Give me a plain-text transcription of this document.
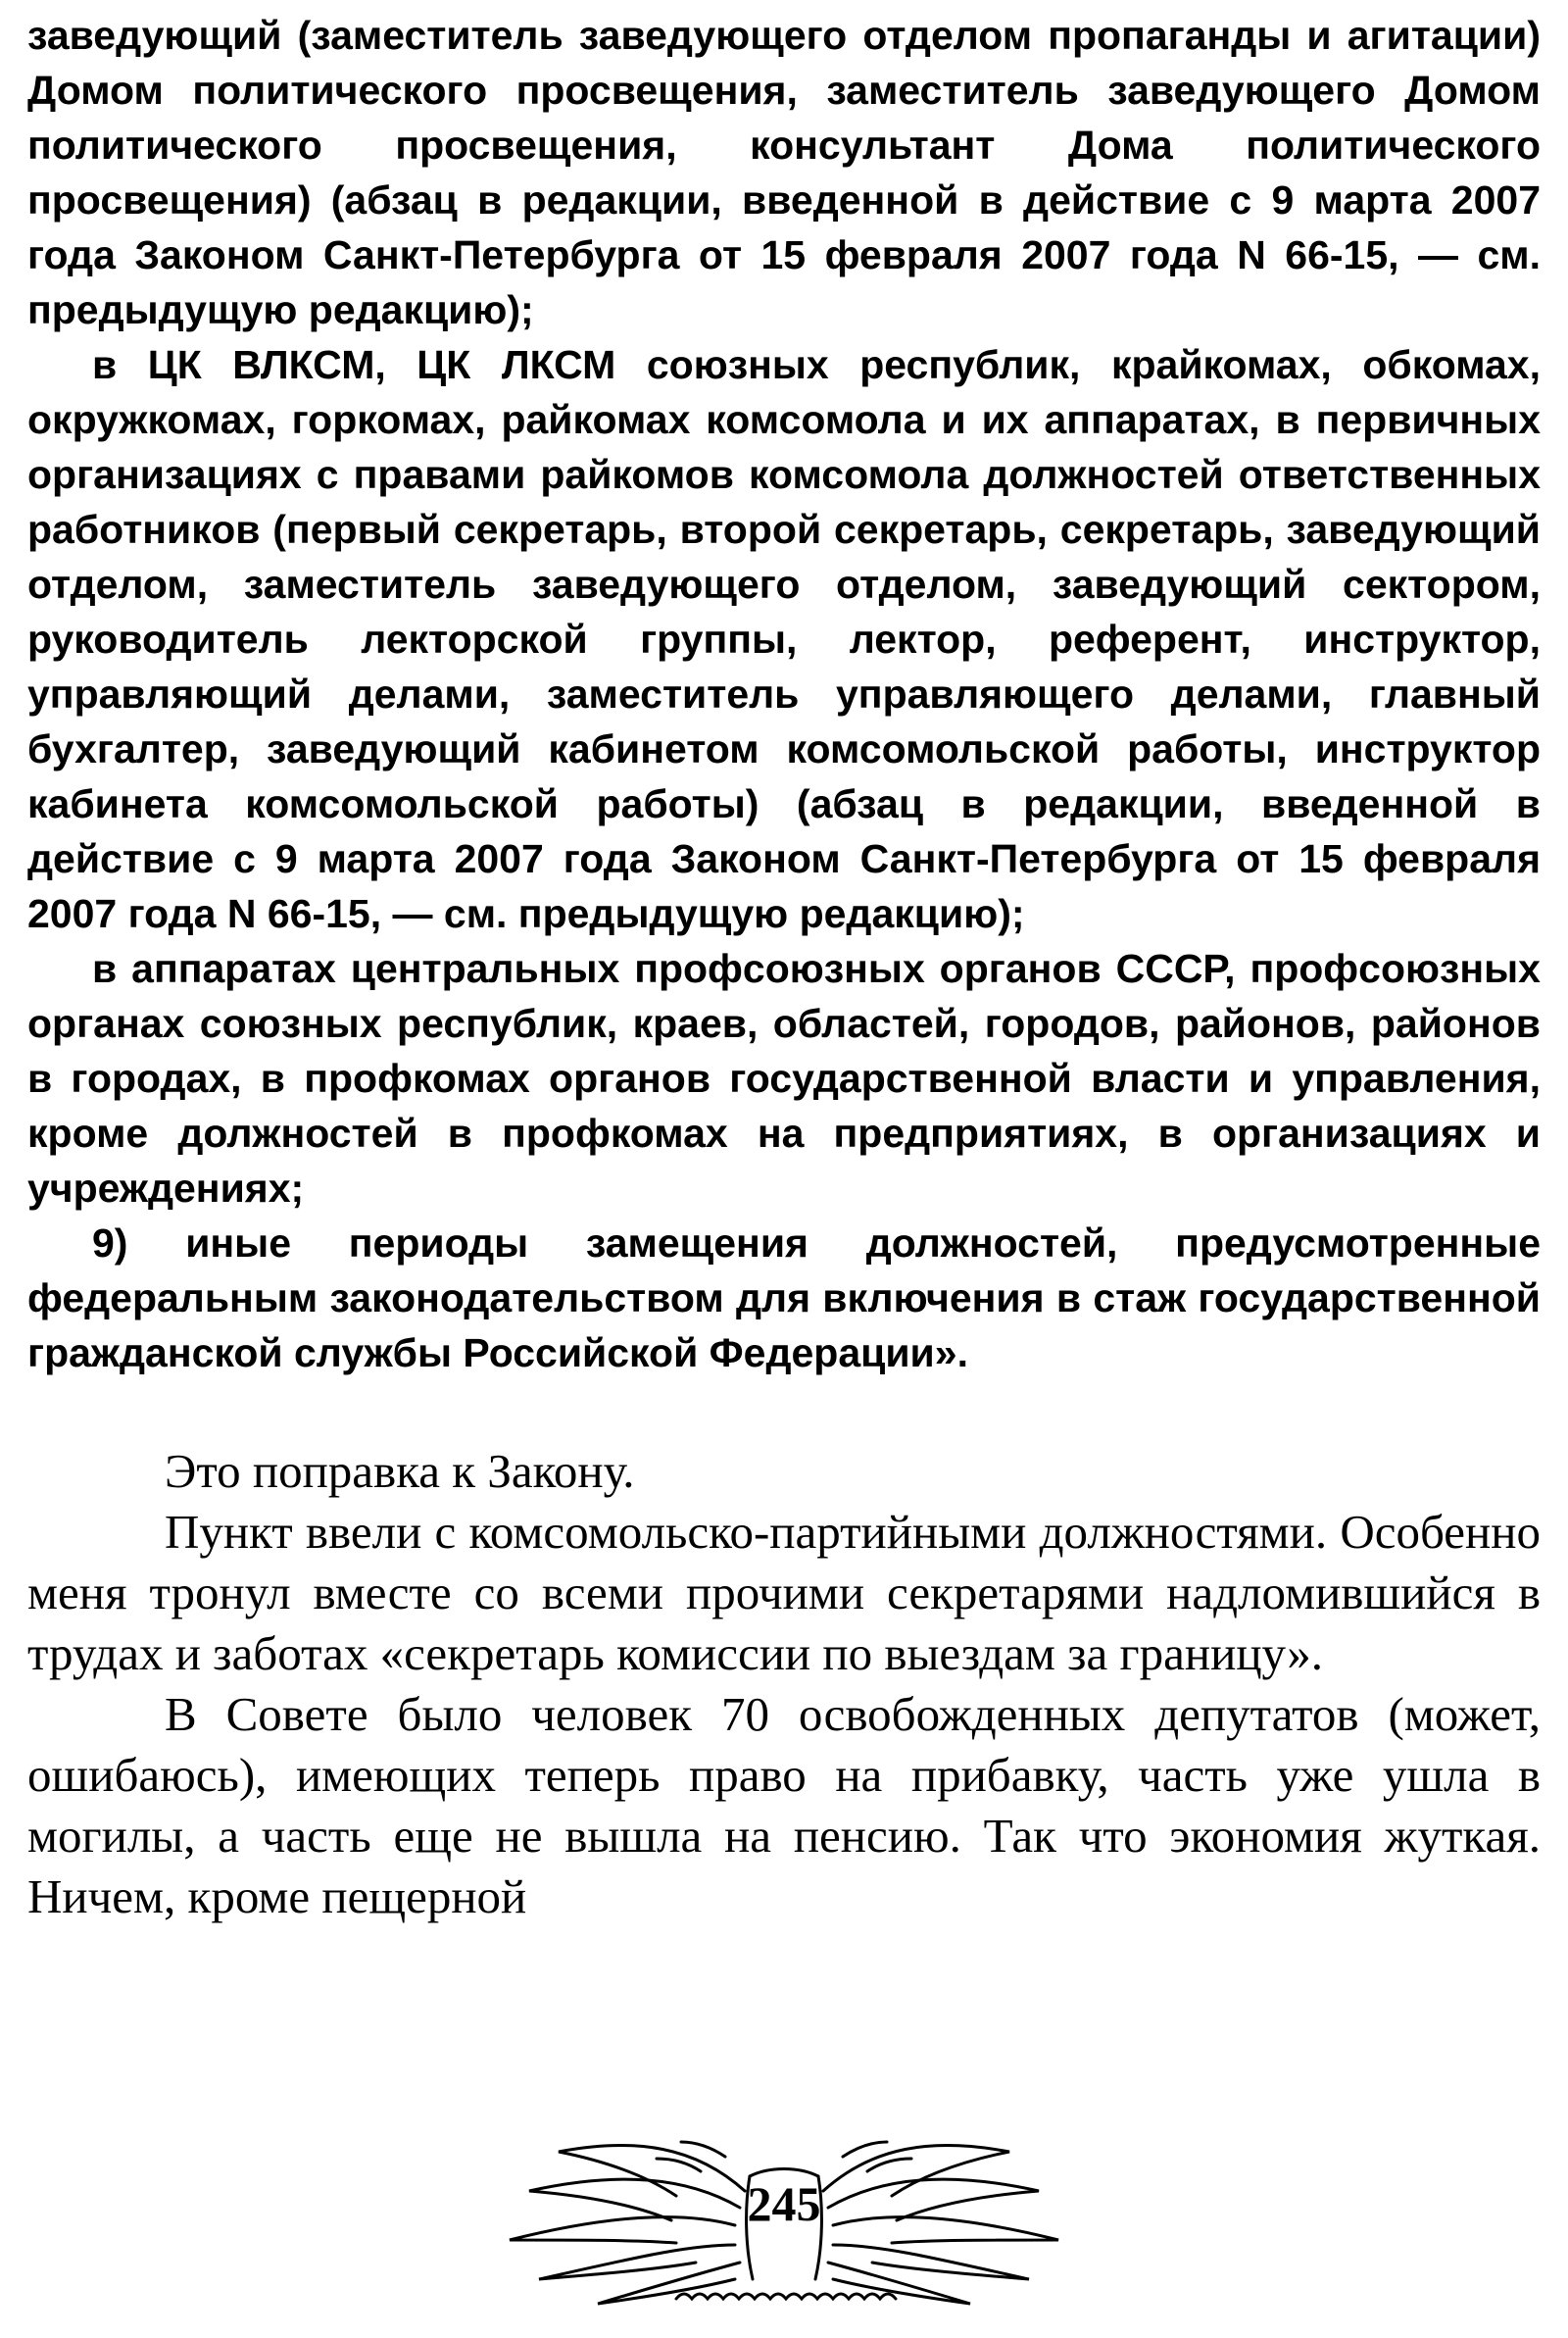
заведующий (заместитель заведующего отделом пропаганды и агитации) Домом политического просвещения, заместитель заведующего Домом политического просвещения, консультант Дома политического просвещения) (абзац в редакции, введенной в действие с 9 марта 2007 года Законом Санкт-Петербурга от 15 февраля 2007 года N 66-15, — см. предыдущую редакцию);

в ЦК ВЛКСМ, ЦК ЛКСМ союзных республик, крайкомах, обкомах, окружкомах, горкомах, райкомах комсомола и их аппаратах, в первичных организациях с правами райкомов комсомола должностей ответственных работников (первый секретарь, второй секретарь, секретарь, заведующий отделом, заместитель заведующего отделом, заведующий сектором, руководитель лекторской группы, лектор, референт, инструктор, управляющий делами, заместитель управляющего делами, главный бухгалтер, заведующий кабинетом комсомольской работы, инструктор кабинета комсомольской работы) (абзац в редакции, введенной в действие с 9 марта 2007 года Законом Санкт-Петербурга от 15 февраля 2007 года N 66-15, — см. предыдущую редакцию);

в аппаратах центральных профсоюзных органов СССР, профсоюзных органах союзных республик, краев, областей, городов, районов, районов в городах, в профкомах органов государственной власти и управления, кроме должностей в профкомах на предприятиях, в организациях и учреждениях;

9) иные периоды замещения должностей, предусмотренные федеральным законодательством для включения в стаж государственной гражданской службы Российской Федерации».

Это поправка к Закону.

Пункт ввели с комсомольско-партийными должностями. Особенно меня тронул вместе со всеми прочими секретарями надломившийся в трудах и заботах «секретарь комиссии по выездам за границу».

В Совете было человек 70 освобожденных депутатов (может, ошибаюсь), имеющих теперь право на прибавку, часть уже ушла в могилы, а часть еще не вышла на пенсию. Так что экономия жуткая. Ничем, кроме пещерной

245
